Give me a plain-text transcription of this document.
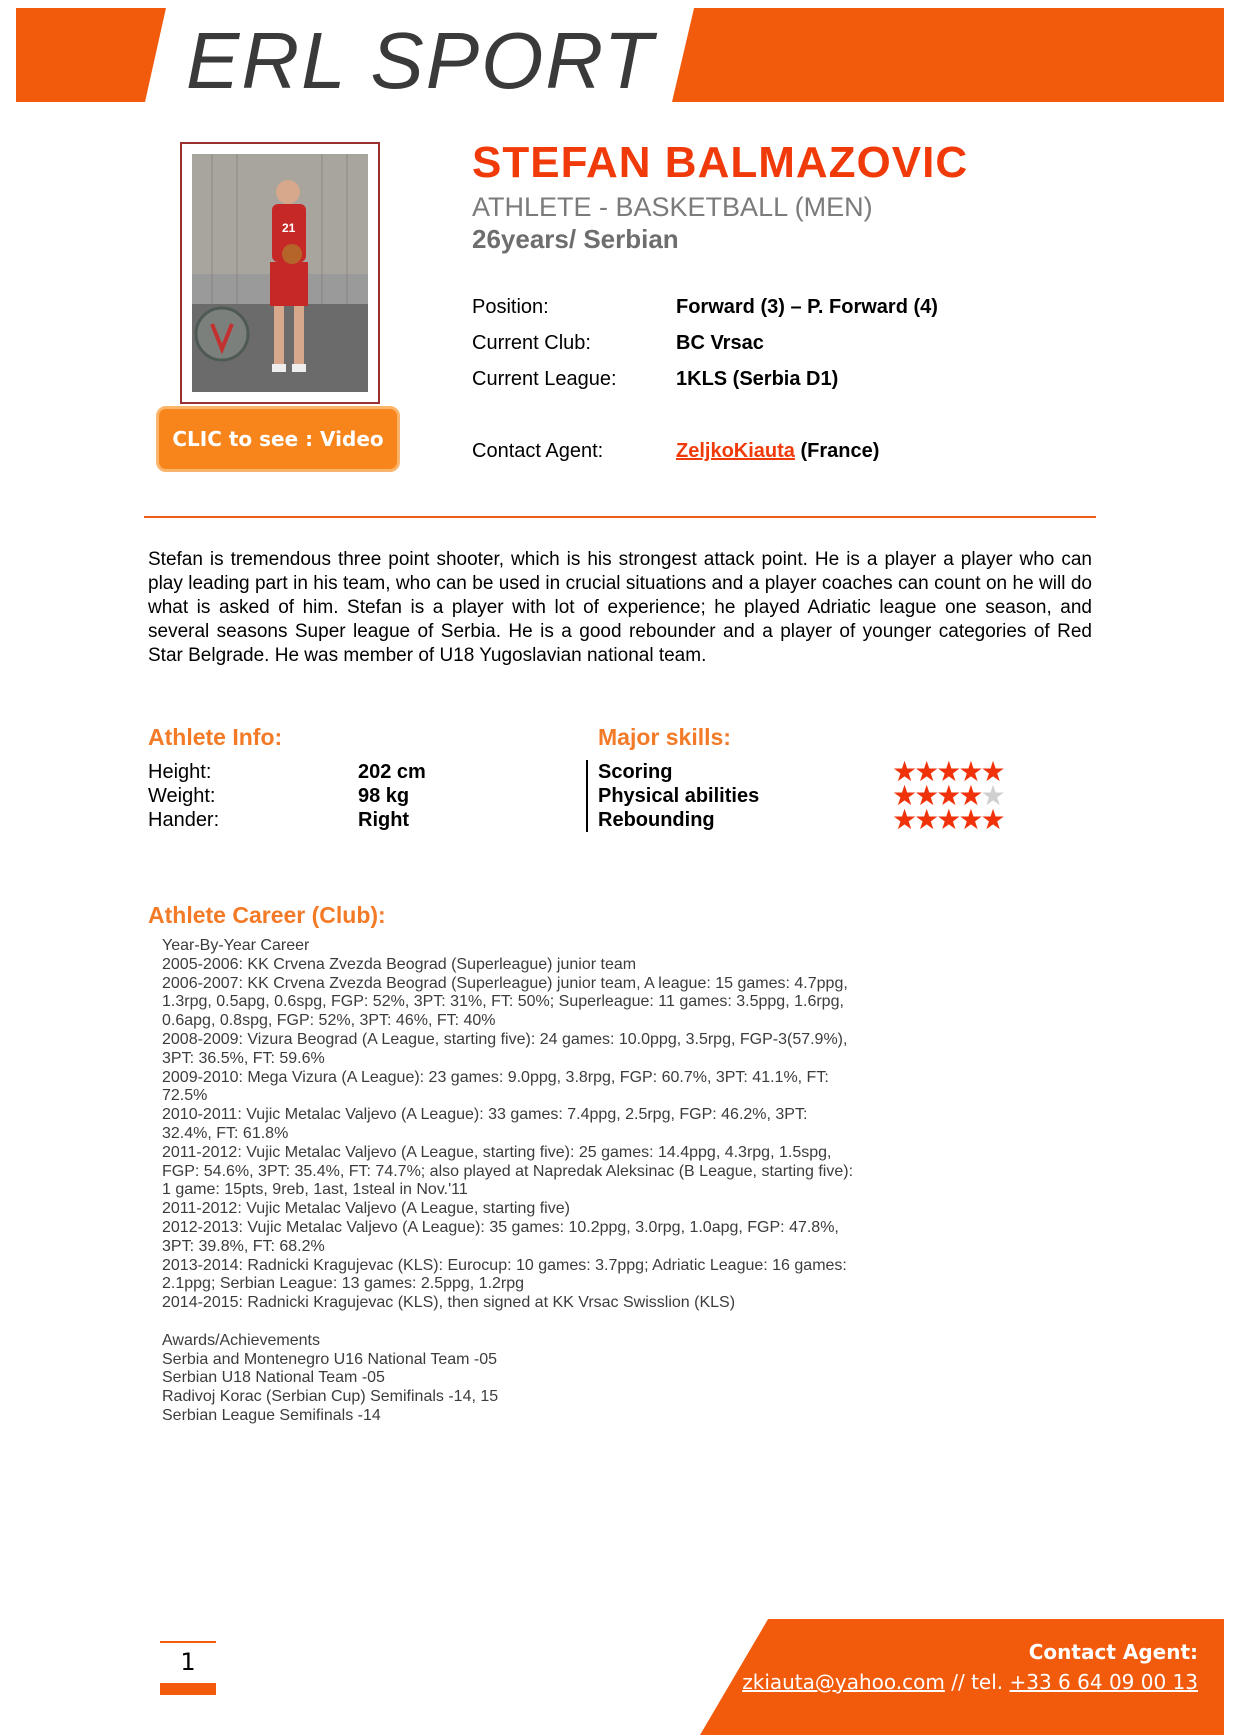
ERL SPORT
21
CLIC to see : Video
STEFAN BALMAZOVIC
ATHLETE - BASKETBALL (MEN)
26years/ Serbian
Position:	Forward (3) – P. Forward (4)
Current Club:	BC Vrsac
Current League:	1KLS (Serbia D1)
Contact Agent:	ZeljkoKiauta (France)
Stefan is tremendous three point shooter, which is his strongest attack point. He is a player a player who can play leading part in his team, who can be used in crucial situations and a player coaches can count on he will do what is asked of him. Stefan is a player with lot of experience; he played Adriatic league one season, and several seasons Super league of Serbia. He is a good rebounder and a player of younger categories of Red Star Belgrade. He was member of U18 Yugoslavian national team.
Athlete Info:
Height:	202 cm
Weight:	98 kg
Hander:	Right
Major skills:
Scoring	★★★★★
Physical abilities	★★★★★
Rebounding	★★★★★
Athlete Career (Club):
Year-By-Year Career
2005-2006: KK Crvena Zvezda Beograd (Superleague) junior team
2006-2007: KK Crvena Zvezda Beograd (Superleague) junior team, A league: 15 games: 4.7ppg,
1.3rpg, 0.5apg, 0.6spg, FGP: 52%, 3PT: 31%, FT: 50%; Superleague: 11 games: 3.5ppg, 1.6rpg,
0.6apg, 0.8spg, FGP: 52%, 3PT: 46%, FT: 40%
2008-2009: Vizura Beograd (A League, starting five): 24 games: 10.0ppg, 3.5rpg, FGP-3(57.9%),
3PT: 36.5%, FT: 59.6%
2009-2010: Mega Vizura (A League): 23 games: 9.0ppg, 3.8rpg, FGP: 60.7%, 3PT: 41.1%, FT:
72.5%
2010-2011: Vujic Metalac Valjevo (A League): 33 games: 7.4ppg, 2.5rpg, FGP: 46.2%, 3PT:
32.4%, FT: 61.8%
2011-2012: Vujic Metalac Valjevo (A League, starting five): 25 games: 14.4ppg, 4.3rpg, 1.5spg,
FGP: 54.6%, 3PT: 35.4%, FT: 74.7%; also played at Napredak Aleksinac (B League, starting five):
1 game: 15pts, 9reb, 1ast, 1steal in Nov.'11
2011-2012: Vujic Metalac Valjevo (A League, starting five)
2012-2013: Vujic Metalac Valjevo (A League): 35 games: 10.2ppg, 3.0rpg, 1.0apg, FGP: 47.8%,
3PT: 39.8%, FT: 68.2%
2013-2014: Radnicki Kragujevac (KLS): Eurocup: 10 games: 3.7ppg; Adriatic League: 16 games:
2.1ppg; Serbian League: 13 games: 2.5ppg, 1.2rpg
2014-2015: Radnicki Kragujevac (KLS), then signed at KK Vrsac Swisslion (KLS)
Awards/Achievements
Serbia and Montenegro U16 National Team -05
Serbian U18 National Team -05
Radivoj Korac (Serbian Cup) Semifinals -14, 15
Serbian League Semifinals -14
1	Contact Agent:
zkiauta@yahoo.com // tel. +33 6 64 09 00 13
